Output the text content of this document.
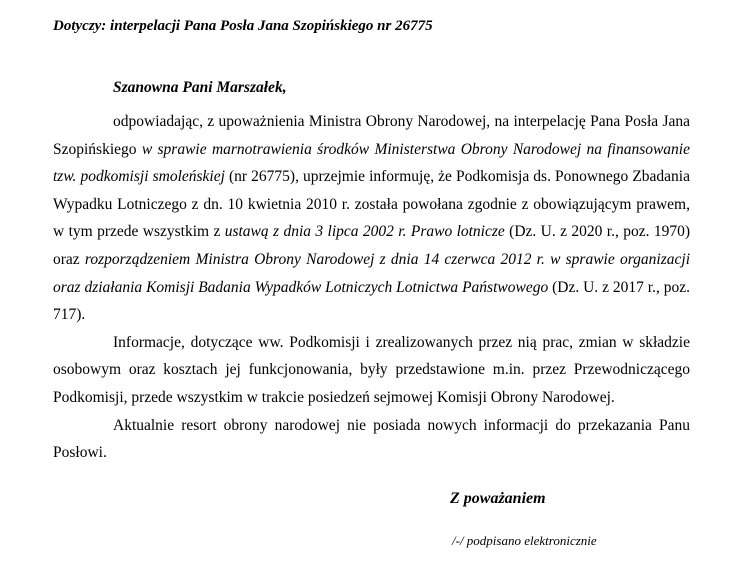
Dotyczy: interpelacji Pana Posła Jana Szopińskiego nr 26775

Szanowna Pani Marszałek,

odpowiadając, z upoważnienia Ministra Obrony Narodowej, na interpelację Pana Posła Jana Szopińskiego w sprawie marnotrawienia środków Ministerstwa Obrony Narodowej na finansowanie tzw. podkomisji smoleńskiej (nr 26775), uprzejmie informuję, że Podkomisja ds. Ponownego Zbadania Wypadku Lotniczego z dn. 10 kwietnia 2010 r. została powołana zgodnie z obowiązującym prawem, w tym przede wszystkim z ustawą z dnia 3 lipca 2002 r. Prawo lotnicze (Dz. U. z 2020 r., poz. 1970) oraz rozporządzeniem Ministra Obrony Narodowej z dnia 14 czerwca 2012 r. w sprawie organizacji oraz działania Komisji Badania Wypadków Lotniczych Lotnictwa Państwowego (Dz. U. z 2017 r., poz. 717).

Informacje, dotyczące ww. Podkomisji i zrealizowanych przez nią prac, zmian w składzie osobowym oraz kosztach jej funkcjonowania, były przedstawione m.in. przez Przewodniczącego Podkomisji, przede wszystkim w trakcie posiedzeń sejmowej Komisji Obrony Narodowej.

Aktualnie resort obrony narodowej nie posiada nowych informacji do przekazania Panu Posłowi.

Z poważaniem

/-/ podpisano elektronicznie
